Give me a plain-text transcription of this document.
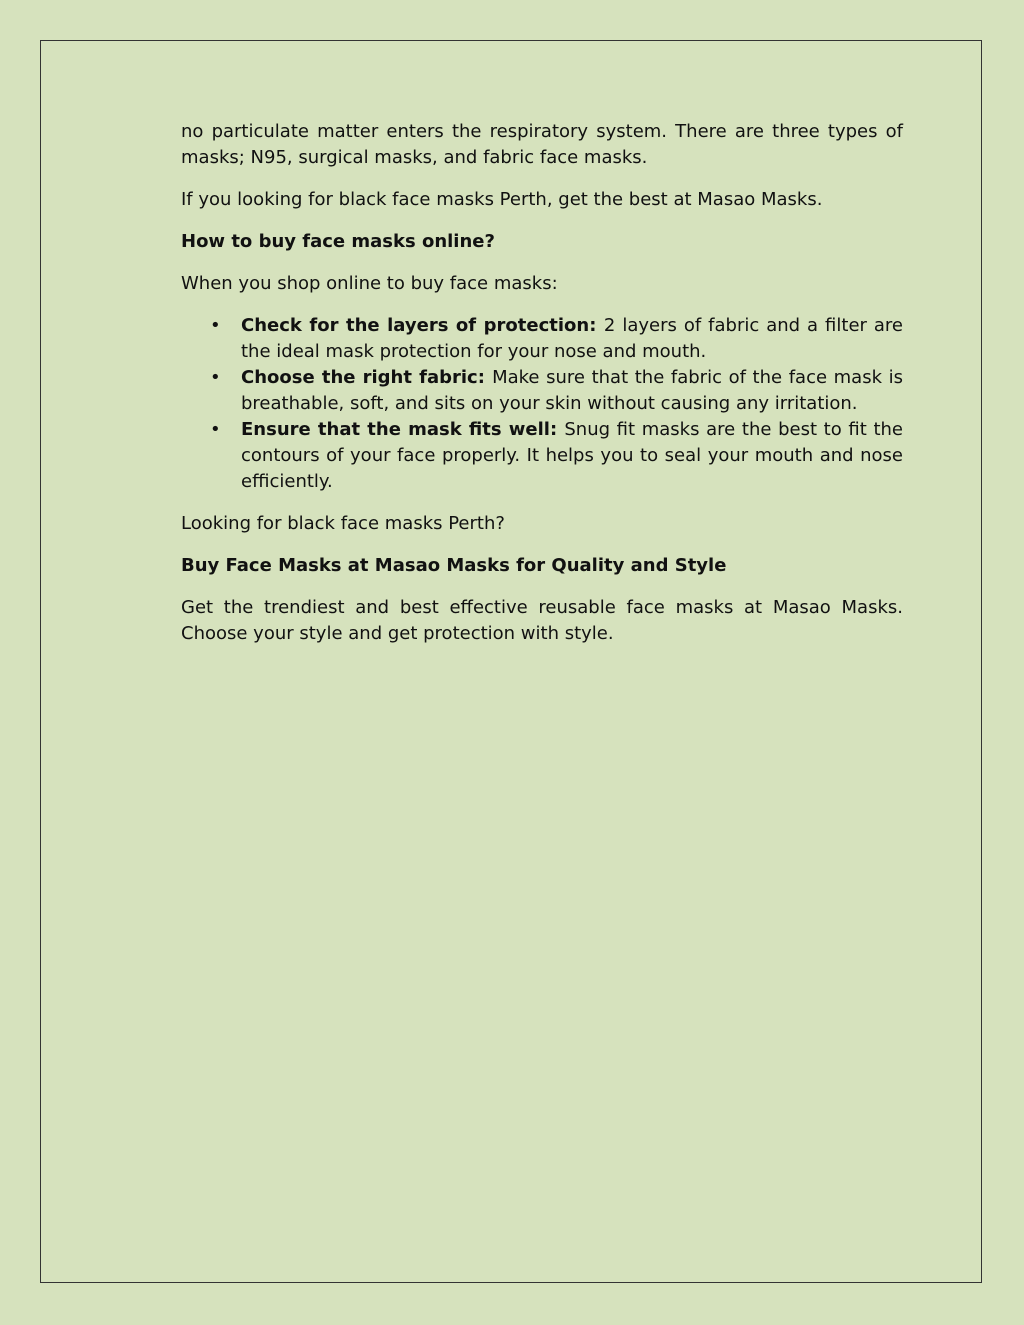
no particulate matter enters the respiratory system. There are three types of masks; N95, surgical masks, and fabric face masks.

If you looking for black face masks Perth, get the best at Masao Masks.

How to buy face masks online?

When you shop online to buy face masks:

• Check for the layers of protection: 2 layers of fabric and a filter are the ideal mask protection for your nose and mouth.
• Choose the right fabric: Make sure that the fabric of the face mask is breathable, soft, and sits on your skin without causing any irritation.
• Ensure that the mask fits well: Snug fit masks are the best to fit the contours of your face properly. It helps you to seal your mouth and nose efficiently.

Looking for black face masks Perth?

Buy Face Masks at Masao Masks for Quality and Style

Get the trendiest and best effective reusable face masks at Masao Masks. Choose your style and get protection with style.
